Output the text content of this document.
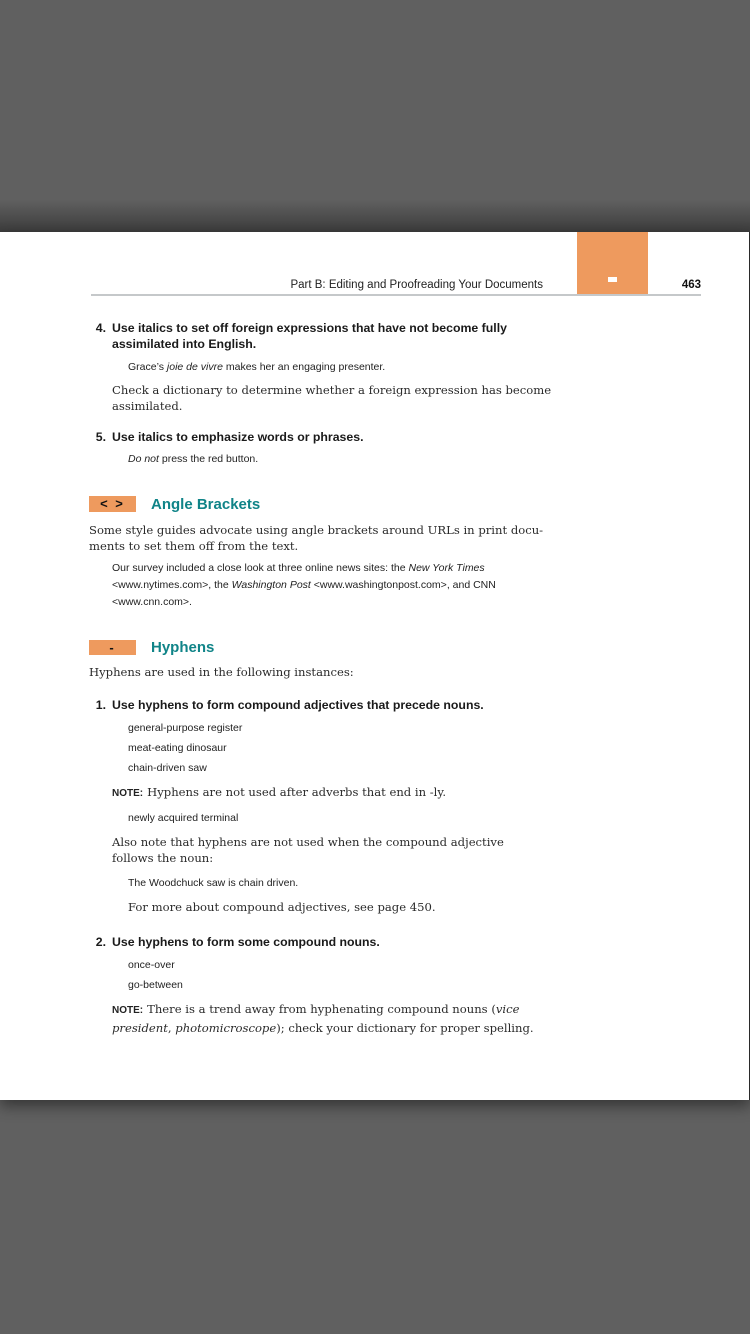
Part B: Editing and Proofreading Your Documents	463
4. Use italics to set off foreign expressions that have not become fully
assimilated into English.
Grace’s joie de vivre makes her an engaging presenter.
Check a dictionary to determine whether a foreign expression has become
assimilated.
5. Use italics to emphasize words or phrases.
Do not press the red button.
< >	Angle Brackets
Some style guides advocate using angle brackets around URLs in print docu-
ments to set them off from the text.
Our survey included a close look at three online news sites: the New York Times
<www.nytimes.com>, the Washington Post <www.washingtonpost.com>, and CNN
<www.cnn.com>.
-	Hyphens
Hyphens are used in the following instances:
1. Use hyphens to form compound adjectives that precede nouns.
general-purpose register
meat-eating dinosaur
chain-driven saw
NOTE: Hyphens are not used after adverbs that end in -ly.
newly acquired terminal
Also note that hyphens are not used when the compound adjective
follows the noun:
The Woodchuck saw is chain driven.
For more about compound adjectives, see page 450.
2. Use hyphens to form some compound nouns.
once-over
go-between
NOTE: There is a trend away from hyphenating compound nouns (vice
president, photomicroscope); check your dictionary for proper spelling.
